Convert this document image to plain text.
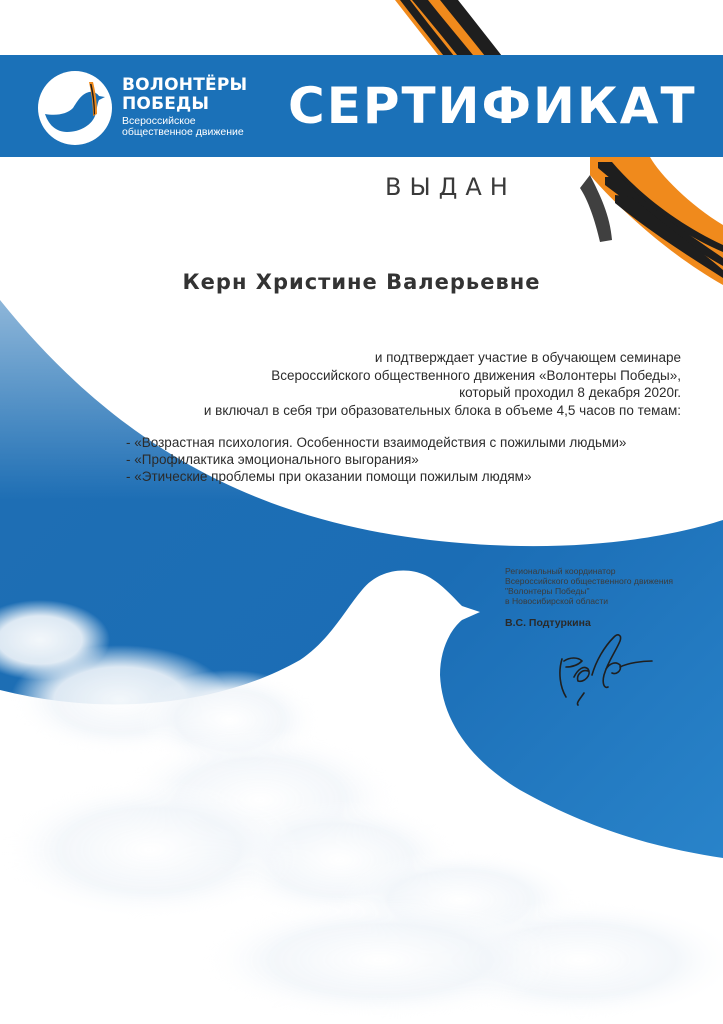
ВОЛОНТЁРЫ
ПОБЕДЫ
Всероссийское
общественное движение СЕРТИФИКАТ
ВЫДАН
Керн Христине Валерьевне
и подтверждает участие в обучающем семинаре
Всероссийского общественного движения «Волонтеры Победы»,
который проходил 8 декабря 2020г.
и включал в себя три образовательных блока в объеме 4,5 часов по темам:
- «Возрастная психология. Особенности взаимодействия с пожилыми людьми»
- «Профилактика эмоционального выгорания»
- «Этические проблемы при оказании помощи пожилым людям»
Региональный координатор
Всероссийского общественного движения
"Волонтеры Победы"
в Новосибирской области
В.С. Подтуркина
